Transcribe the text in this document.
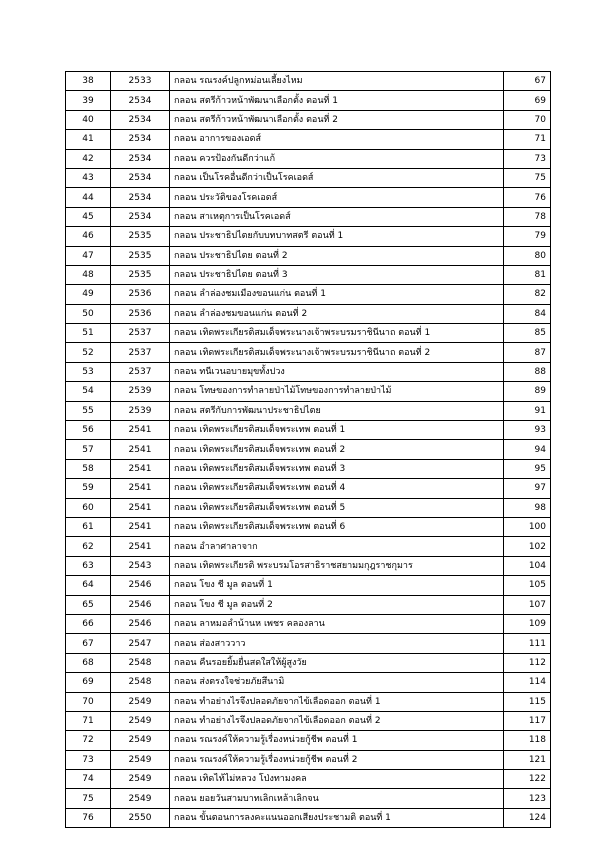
38	2533	กลอน รณรงค์ปลูกหม่อนเลี้ยงไหม	67
39	2534	กลอน สตรีก้าวหน้าพัฒนาเลือกตั้ง ตอนที่ 1	69
40	2534	กลอน สตรีก้าวหน้าพัฒนาเลือกตั้ง ตอนที่ 2	70
41	2534	กลอน อาการของเอดส์	71
42	2534	กลอน ควรป้องกันดีกว่าแก้	73
43	2534	กลอน เป็นโรคอื่นดีกว่าเป็นโรคเอดส์	75
44	2534	กลอน ประวัติของโรคเอดส์	76
45	2534	กลอน สาเหตุการเป็นโรคเอดส์	78
46	2535	กลอน ประชาธิปไตยกับบทบาทสตรี ตอนที่ 1	79
47	2535	กลอน ประชาธิปไตย ตอนที่ 2	80
48	2535	กลอน ประชาธิปไตย ตอนที่ 3	81
49	2536	กลอน ลำล่องชมเมืองขอนแก่น ตอนที่ 1	82
50	2536	กลอน ลำล่องชมขอนแก่น ตอนที่ 2	84
51	2537	กลอน เทิดพระเกียรติสมเด็จพระนางเจ้าพระบรมราชินีนาถ ตอนที่ 1	85
52	2537	กลอน เทิดพระเกียรติสมเด็จพระนางเจ้าพระบรมราชินีนาถ ตอนที่ 2	87
53	2537	กลอน ทนีเวนอบายมุขทั้งปวง	88
54	2539	กลอน โทษของการทำลายป่าไม้โทษของการทำลายป่าไม้	89
55	2539	กลอน สตรีกับการพัฒนาประชาธิปไตย	91
56	2541	กลอน เทิดพระเกียรติสมเด็จพระเทพ ตอนที่ 1	93
57	2541	กลอน เทิดพระเกียรติสมเด็จพระเทพ ตอนที่ 2	94
58	2541	กลอน เทิดพระเกียรติสมเด็จพระเทพ ตอนที่ 3	95
59	2541	กลอน เทิดพระเกียรติสมเด็จพระเทพ ตอนที่ 4	97
60	2541	กลอน เทิดพระเกียรติสมเด็จพระเทพ ตอนที่ 5	98
61	2541	กลอน เทิดพระเกียรติสมเด็จพระเทพ ตอนที่ 6	100
62	2541	กลอน อำลาศาลาจาก	102
63	2543	กลอน เทิดพระเกียรติ พระบรมโอรสาธิราชสยามมกุฎราชกุมาร	104
64	2546	กลอน โขง ชี มูล ตอนที่ 1	105
65	2546	กลอน โขง ชี มูล ตอนที่ 2	107
66	2546	กลอน ลาหมอลำน้านห เพชร คลองลาน	109
67	2547	กลอน ส่องสาววาว	111
68	2548	กลอน คืนรอยยิ้มยื่นสดใสให้ผู้สูงวัย	112
69	2548	กลอน ส่งตรงใจช่วยภัยสึนามิ	114
70	2549	กลอน ทำอย่างไรจึงปลอดภัยจากไข้เลือดออก ตอนที่ 1	115
71	2549	กลอน ทำอย่างไรจึงปลอดภัยจากไข้เลือดออก ตอนที่ 2	117
72	2549	กลอน รณรงค์ให้ความรู้เรื่องหน่วยกู้ชีพ ตอนที่ 1	118
73	2549	กลอน รณรงค์ให้ความรู้เรื่องหน่วยกู้ชีพ ตอนที่ 2	121
74	2549	กลอน เทิดไท้ไม่หลวง โป่งทามงคล	122
75	2549	กลอน ยอยวันสามบาทเลิกเหล้าเลิกจน	123
76	2550	กลอน ขั้นตอนการลงคะแนนออกเสียงประชามติ ตอนที่ 1	124
